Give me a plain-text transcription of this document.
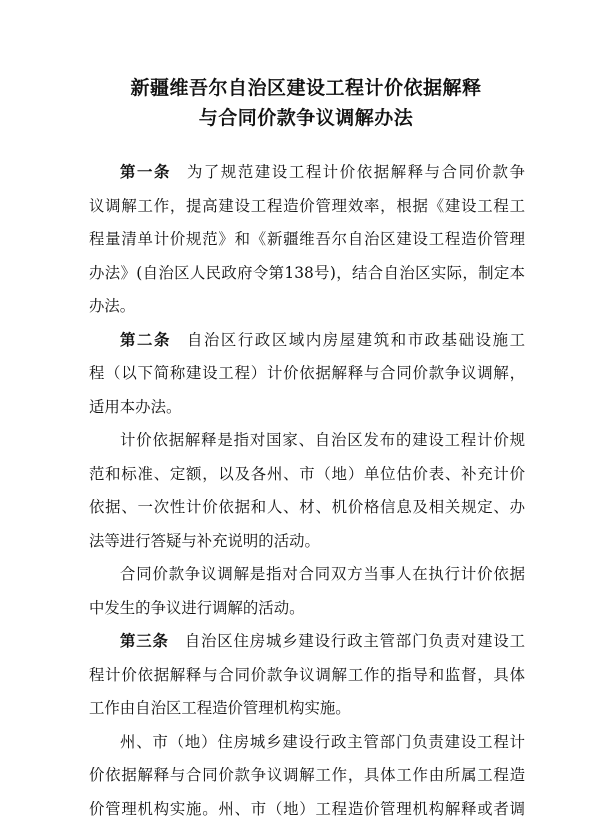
新疆维吾尔自治区建设工程计价依据解释
与合同价款争议调解办法
第一条 为了规范建设工程计价依据解释与合同价款争
议调解工作，提高建设工程造价管理效率，根据《建设工程工
程量清单计价规范》和《新疆维吾尔自治区建设工程造价管理
办法》(自治区人民政府令第138号)，结合自治区实际，制定本
办法。
第二条 自治区行政区域内房屋建筑和市政基础设施工
程（以下简称建设工程）计价依据解释与合同价款争议调解，
适用本办法。
计价依据解释是指对国家、自治区发布的建设工程计价规
范和标准、定额，以及各州、市（地）单位估价表、补充计价
依据、一次性计价依据和人、材、机价格信息及相关规定、办
法等进行答疑与补充说明的活动。
合同价款争议调解是指对合同双方当事人在执行计价依据
中发生的争议进行调解的活动。
第三条 自治区住房城乡建设行政主管部门负责对建设工
程计价依据解释与合同价款争议调解工作的指导和监督，具体
工作由自治区工程造价管理机构实施。
州、市（地）住房城乡建设行政主管部门负责建设工程计
价依据解释与合同价款争议调解工作，具体工作由所属工程造
价管理机构实施。州、市（地）工程造价管理机构解释或者调
